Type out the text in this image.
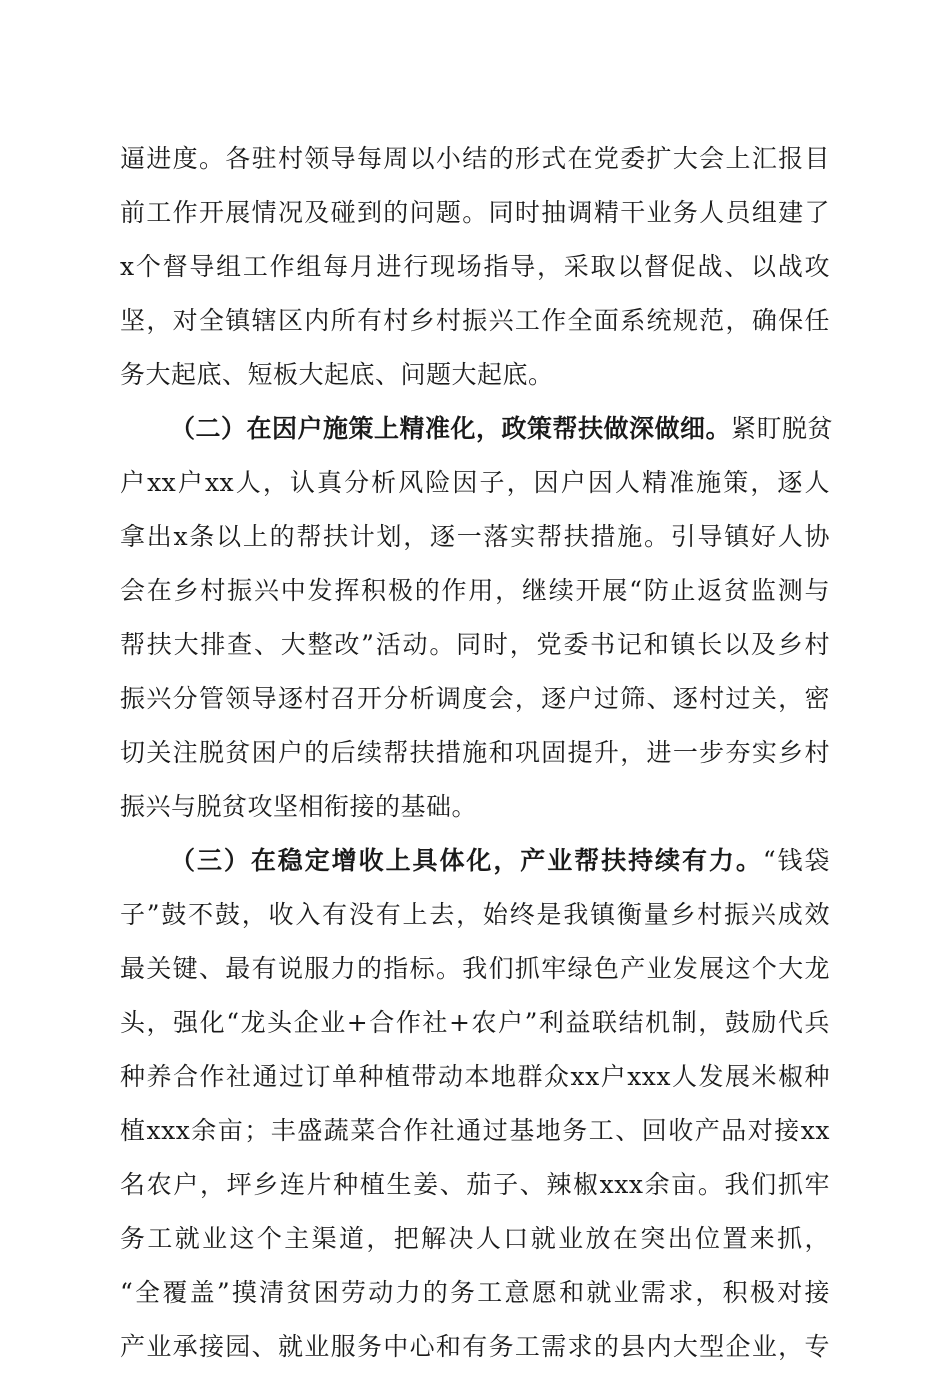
逼进度。各驻村领导每周以小结的形式在党委扩大会上汇报目
前工作开展情况及碰到的问题。同时抽调精干业务人员组建了
x个督导组工作组每月进行现场指导，采取以督促战、以战攻
坚，对全镇辖区内所有村乡村振兴工作全面系统规范，确保任
务大起底、短板大起底、问题大起底。
（二）在因户施策上精准化，政策帮扶做深做细。紧盯脱贫
户xx户xx人，认真分析风险因子，因户因人精准施策，逐人
拿出x条以上的帮扶计划，逐一落实帮扶措施。引导镇好人协
会在乡村振兴中发挥积极的作用，继续开展“防止返贫监测与
帮扶大排查、大整改”活动。同时，党委书记和镇长以及乡村
振兴分管领导逐村召开分析调度会，逐户过筛、逐村过关，密
切关注脱贫困户的后续帮扶措施和巩固提升，进一步夯实乡村
振兴与脱贫攻坚相衔接的基础。
（三）在稳定增收上具体化，产业帮扶持续有力。“钱袋
子”鼓不鼓，收入有没有上去，始终是我镇衡量乡村振兴成效
最关键、最有说服力的指标。我们抓牢绿色产业发展这个大龙
头，强化“龙头企业+合作社+农户”利益联结机制，鼓励代兵
种养合作社通过订单种植带动本地群众xx户xxx人发展米椒种
植xxx余亩；丰盛蔬菜合作社通过基地务工、回收产品对接xx
名农户，坪乡连片种植生姜、茄子、辣椒xxx余亩。我们抓牢
务工就业这个主渠道，把解决人口就业放在突出位置来抓，
“全覆盖”摸清贫困劳动力的务工意愿和就业需求，积极对接
产业承接园、就业服务中心和有务工需求的县内大型企业，专
